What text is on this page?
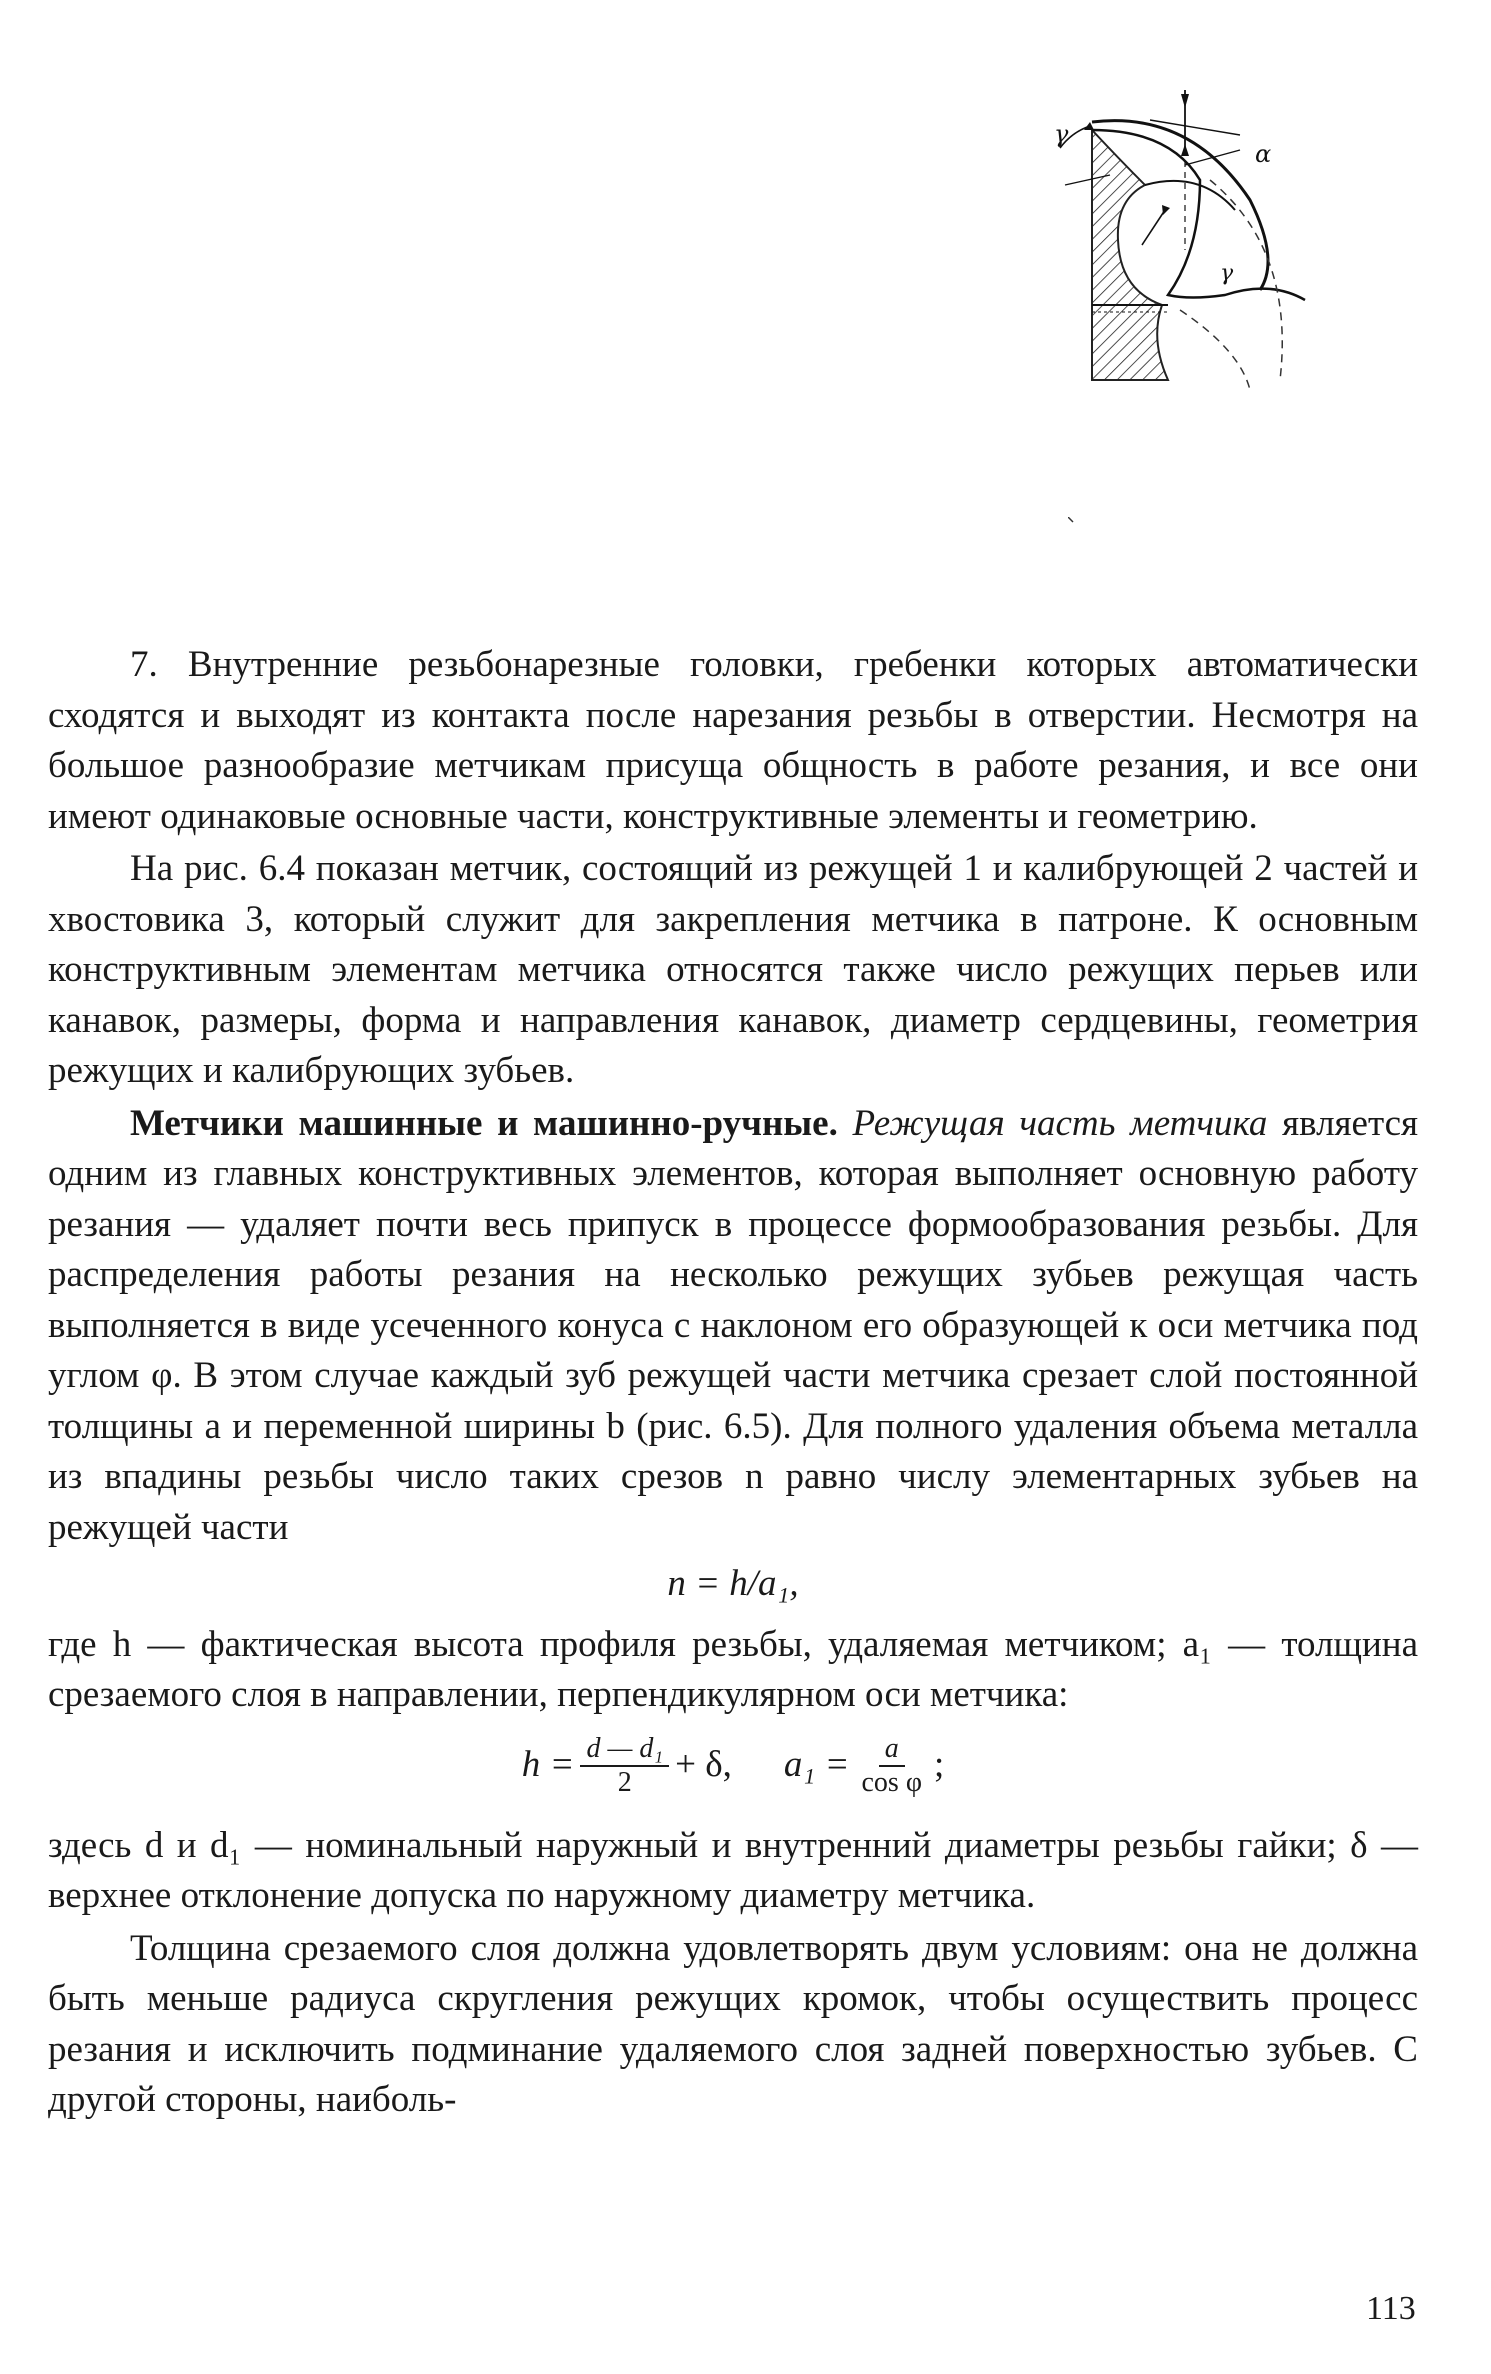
γ
α
γ

7. Внутренние резьбонарезные головки, гребенки которых автоматически сходятся и выходят из контакта после нарезания резьбы в отверстии. Несмотря на большое разнообразие метчикам присуща общность в работе резания, и все они имеют одинаковые основные части, конструктивные элементы и геометрию.

На рис. 6.4 показан метчик, состоящий из режущей 1 и калибрующей 2 частей и хвостовика 3, который служит для закрепления метчика в патроне. К основным конструктивным элементам метчика относятся также число режущих перьев или канавок, размеры, форма и направления канавок, диаметр сердцевины, геометрия режущих и калибрующих зубьев.

Метчики машинные и машинно-ручные. Режущая часть метчика является одним из главных конструктивных элементов, которая выполняет основную работу резания — удаляет почти весь припуск в процессе формообразования резьбы. Для распределения работы резания на несколько режущих зубьев режущая часть выполняется в виде усеченного конуса с наклоном его образующей к оси метчика под углом φ. В этом случае каждый зуб режущей части метчика срезает слой постоянной толщины a и переменной ширины b (рис. 6.5). Для полного удаления объема металла из впадины резьбы число таких срезов n равно числу элементарных зубьев на режущей части

n = h/a₁,

где h — фактическая высота профиля резьбы, удаляемая метчиком; a₁ — толщина срезаемого слоя в направлении, перпендикулярном оси метчика:

$h = \frac{\text{d — d₁}}{2} + \delta$, $a_1 = \frac{a}{\text{cos φ}}$ ;

здесь d и d₁ — номинальный наружный и внутренний диаметры резьбы гайки; δ — верхнее отклонение допуска по наружному диаметру метчика.

Толщина срезаемого слоя должна удовлетворять двум условиям: она не должна быть меньше радиуса скругления режущих кромок, чтобы осуществить процесс резания и исключить подминание удаляемого слоя задней поверхностью зубьев. С другой стороны, наиболь-

113
